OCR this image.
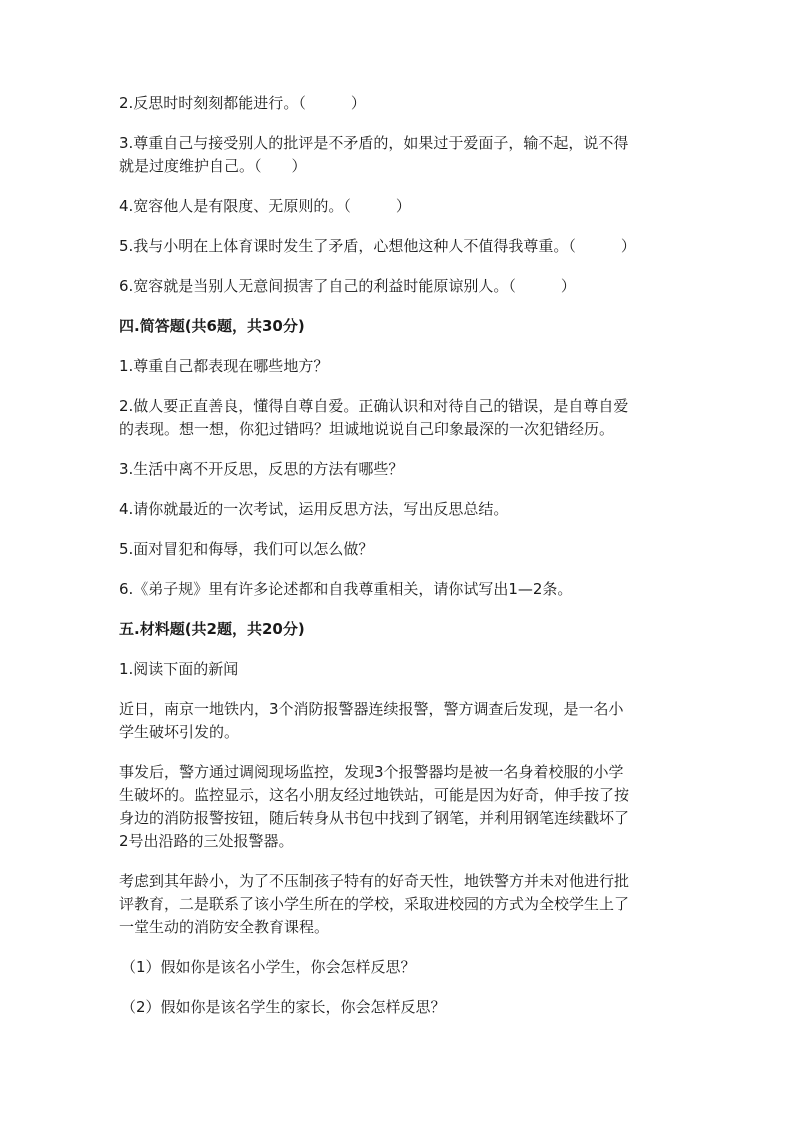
2.反思时时刻刻都能进行。（　　　）

3.尊重自己与接受别人的批评是不矛盾的，如果过于爱面子，输不起，说不得

就是过度维护自己。（　　）

4.宽容他人是有限度、无原则的。（　　　）

5.我与小明在上体育课时发生了矛盾，心想他这种人不值得我尊重。（　　　）

6.宽容就是当别人无意间损害了自己的利益时能原谅别人。（　　　）

四.简答题(共6题，共30分)

1.尊重自己都表现在哪些地方？

2.做人要正直善良，懂得自尊自爱。正确认识和对待自己的错误，是自尊自爱

的表现。想一想，你犯过错吗？坦诚地说说自己印象最深的一次犯错经历。

3.生活中离不开反思，反思的方法有哪些？

4.请你就最近的一次考试，运用反思方法，写出反思总结。

5.面对冒犯和侮辱，我们可以怎么做？

6.《弟子规》里有许多论述都和自我尊重相关，请你试写出1—2条。

五.材料题(共2题，共20分)

1.阅读下面的新闻

近日，南京一地铁内，3个消防报警器连续报警，警方调查后发现，是一名小

学生破坏引发的。

事发后，警方通过调阅现场监控，发现3个报警器均是被一名身着校服的小学

生破坏的。监控显示，这名小朋友经过地铁站，可能是因为好奇，伸手按了按

身边的消防报警按钮，随后转身从书包中找到了钢笔，并利用钢笔连续戳坏了

2号出沿路的三处报警器。

考虑到其年龄小，为了不压制孩子特有的好奇天性，地铁警方并未对他进行批

评教育，二是联系了该小学生所在的学校，采取进校园的方式为全校学生上了

一堂生动的消防安全教育课程。

（1）假如你是该名小学生，你会怎样反思？

（2）假如你是该名学生的家长，你会怎样反思？
